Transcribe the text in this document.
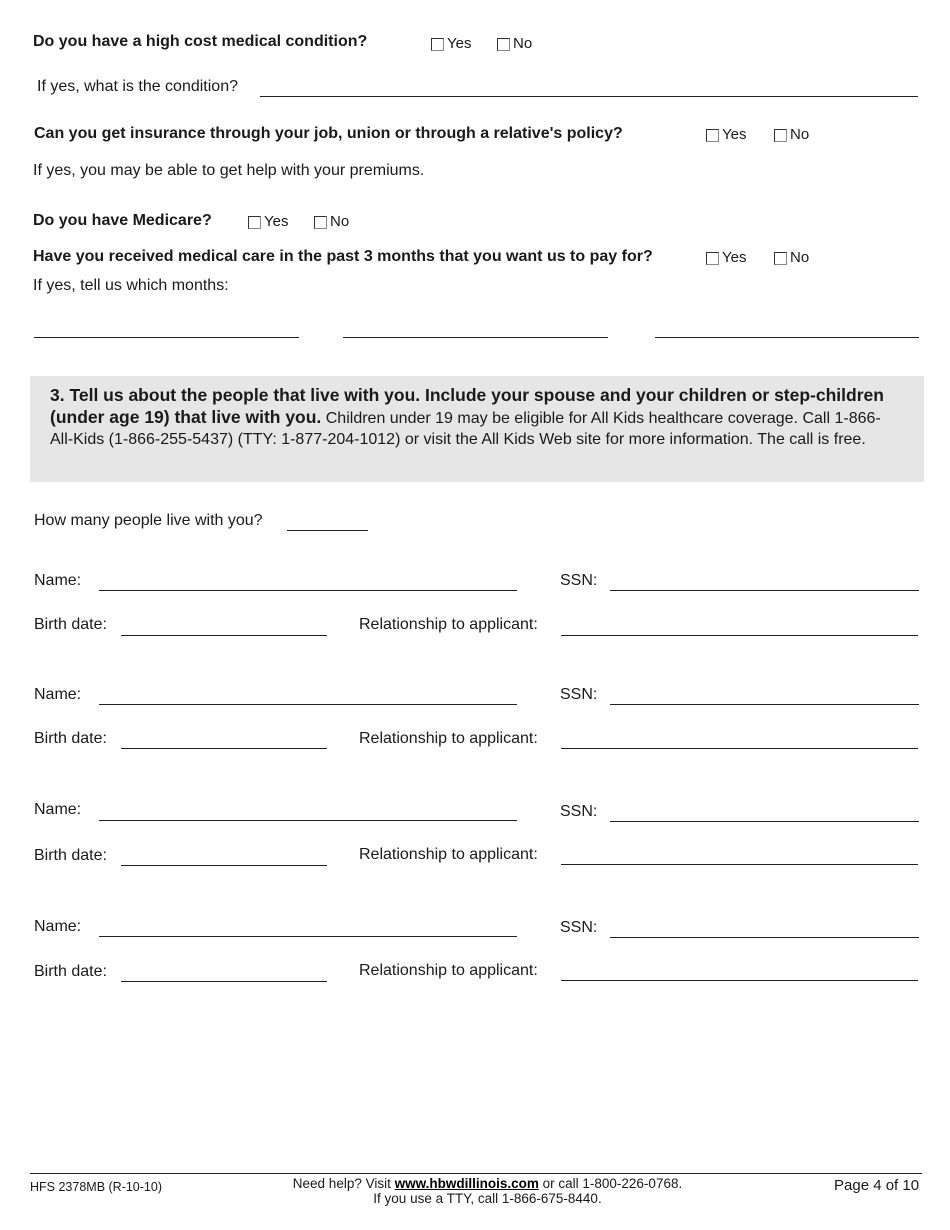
Do you have a high cost medical condition?	Yes	No
If yes, what is the condition?
Can you get insurance through your job, union or through a relative's policy?	Yes	No
If yes, you may be able to get help with your premiums.
Do you have Medicare?	Yes	No
Have you received medical care in the past 3 months that you want us to pay for?	Yes	No
If yes, tell us which months:
3. Tell us about the people that live with you. Include your spouse and your children or step-children (under age 19) that live with you. Children under 19 may be eligible for All Kids healthcare coverage. Call 1-866-All-Kids (1-866-255-5437) (TTY: 1-877-204-1012) or visit the All Kids Web site for more information. The call is free.
How many people live with you?
Name:	SSN:
Birth date:	Relationship to applicant:
Name:	SSN:
Birth date:	Relationship to applicant:
Name:	SSN:
Birth date:	Relationship to applicant:
Name:	SSN:
Birth date:	Relationship to applicant:
HFS 2378MB (R-10-10)	Need help? Visit www.hbwdillinois.com or call 1-800-226-0768.
If you use a TTY, call 1-866-675-8440.
Page 4 of 10
